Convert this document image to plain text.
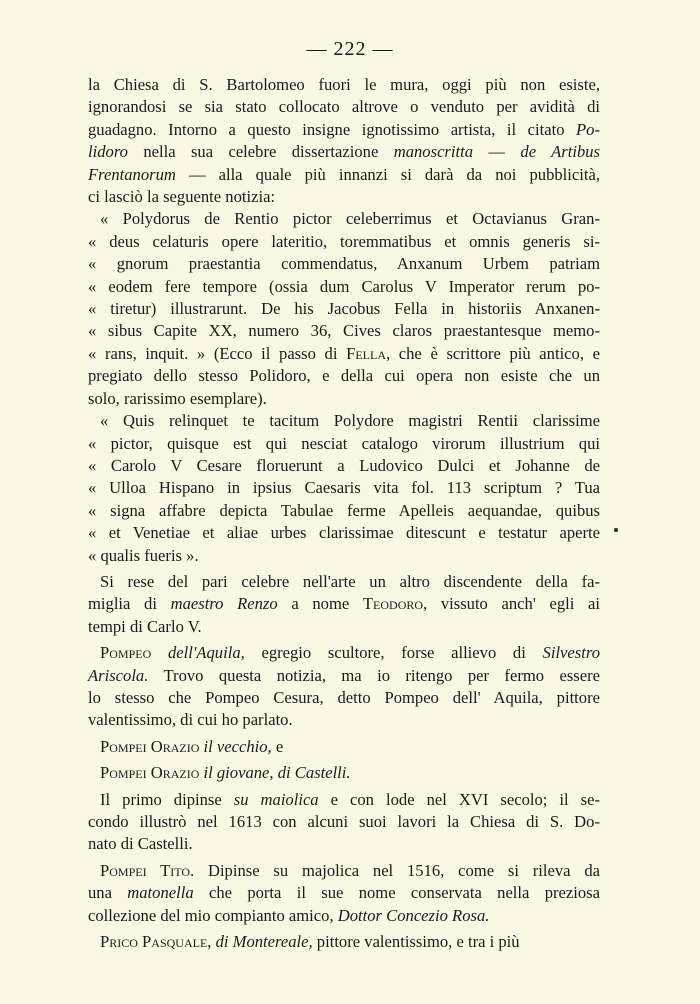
— 222 —
la Chiesa di S. Bartolomeo fuori le mura, oggi più non esiste,
ignorandosi se sia stato collocato altrove o venduto per avidità di
guadagno. Intorno a questo insigne ignotissimo artista, il citato Po-
lidoro nella sua celebre dissertazione manoscritta — de Artibus
Frentanorum — alla quale più innanzi si darà da noi pubblicità,
ci lasciò la seguente notizia:
« Polydorus de Rentio pictor celeberrimus et Octavianus Gran-
« deus celaturis opere lateritio, toremmatibus et omnis generis si-
« gnorum praestantia commendatus, Anxanum Urbem patriam
« eodem fere tempore (ossia dum Carolus V Imperator rerum po-
« tiretur) illustrarunt. De his Jacobus Fella in historiis Anxanen-
« sibus Capite XX, numero 36, Cives claros praestantesque memo-
« rans, inquit. » (Ecco il passo di Fella, che è scrittore più antico, e
pregiato dello stesso Polidoro, e della cui opera non esiste che un
solo, rarissimo esemplare).
« Quis relinquet te tacitum Polydore magistri Rentii clarissime
« pictor, quisque est qui nesciat catalogo virorum illustrium qui
« Carolo V Cesare floruerunt a Ludovico Dulci et Johanne de
« Ulloa Hispano in ipsius Caesaris vita fol. 113 scriptum ? Tua
« signa affabre depicta Tabulae ferme Apelleis aequandae, quibus
« et Venetiae et aliae urbes clarissimae ditescunt e testatur aperte
« qualis fueris ».
Si rese del pari celebre nell'arte un altro discendente della fa-
miglia di maestro Renzo a nome Teodoro, vissuto anch' egli ai
tempi di Carlo V.
Pompeo dell'Aquila, egregio scultore, forse allievo di Silvestro
Ariscola. Trovo questa notizia, ma io ritengo per fermo essere
lo stesso che Pompeo Cesura, detto Pompeo dell' Aquila, pittore
valentissimo, di cui ho parlato.
Pompei Orazio il vecchio, e
Pompei Orazio il giovane, di Castelli.
Il primo dipinse su maiolica e con lode nel XVI secolo; il se-
condo illustrò nel 1613 con alcuni suoi lavori la Chiesa di S. Do-
nato di Castelli.
Pompei Tito. Dipinse su majolica nel 1516, come si rileva da
una matonella che porta il sue nome conservata nella preziosa
collezione del mio compianto amico, Dottor Concezio Rosa.
Prico Pasquale, di Montereale, pittore valentissimo, e tra i più
